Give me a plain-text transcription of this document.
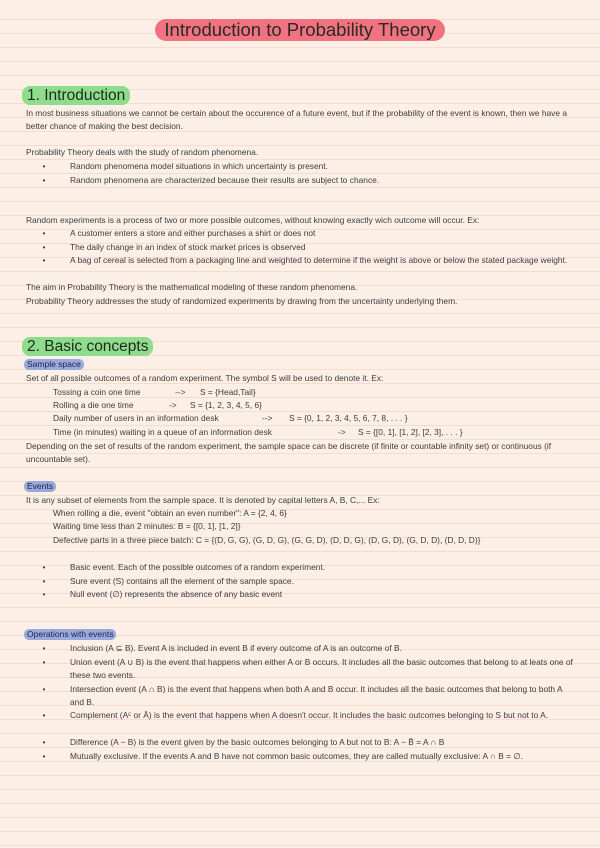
Introduction to Probability Theory
1. Introduction

In most business situations we cannot be certain about the occurence of a future event, but if the probability of the event is known, then we have a better chance of making the best decision.

Probability Theory deals with the study of random phenomena.

•	Random phenomena model situations in which uncertainty is present.
•	Random phenomena are characterized because their results are subject to chance.

Random experiments is a process of two or more possible outcomes, without knowing exactly wich outcome will occur. Ex:

•	A customer enters a store and either purchases a shirt or does not
•	The daily change in an index of stock market prices is observed
•	A bag of cereal is selected from a packaging line and weighted to determine if the weight is above or below the stated package weight.

The aim in Probability Theory is the mathematical modeling of these random phenomena.

Probability Theory addresses the study of randomized experiments by drawing from the uncertainty underlying them.

2. Basic concepts
Sample space

Set of all possible outcomes of a random experiment. The symbol S will be used to denote it. Ex:

Tossing a coin one time	--> S = {Head,Tail}
Rolling a die one time	-> S = {1, 2, 3, 4, 5, 6}
Daily number of users in an information desk	--> S = {0, 1, 2, 3, 4, 5, 6, 7, 8, . . . }
Time (in minutes) waiting in a queue of an information desk	-> S = {[0, 1], [1, 2], [2, 3], . . . }

Depending on the set of results of the random experiment, the sample space can be discrete (if finite or countable infinity set) or continuous (if uncountable set).

Events

It is any subset of elements from the sample space. It is denoted by capital letters A, B, C,... Ex:

When rolling a die, event "obtain an even number": A = {2, 4, 6}

Waiting time less than 2 minutes: B = {[0, 1], [1, 2]}

Defective parts in a three piece batch: C = {(D, G, G), (G, D, G), (G, G, D), (D, D, G), (D, G, D), (G, D, D), (D, D, D)}

•	Basic event. Each of the possible outcomes of a random experiment.
•	Sure event (S) contains all the element of the sample space.
•	Null event (∅) represents the absence of any basic event
Operations with events
•	Inclusion (A ⊆ B). Event A is included in event B if every outcome of A is an outcome of B.
•	Union event (A ∪ B) is the event that happens when either A or B occurs. It includes all the basic outcomes that belong to at leats one of these two events.
•	Intersection event (A ∩ B) is the event that happens when both A and B occur. It includes all the basic outcomes that belong to both A and B.
•	Complement (Aᶜ or Ā) is the event that happens when A doesn't occur. It includes the basic outcomes belonging to S but not to A.
•	Difference (A − B) is the event given by the basic outcomes belonging to A but not to B: A − B̄ = A ∩ B
•	Mutually exclusive. If the events A and B have not common basic outcomes, they are called mutually exclusive: A ∩ B = ∅.
